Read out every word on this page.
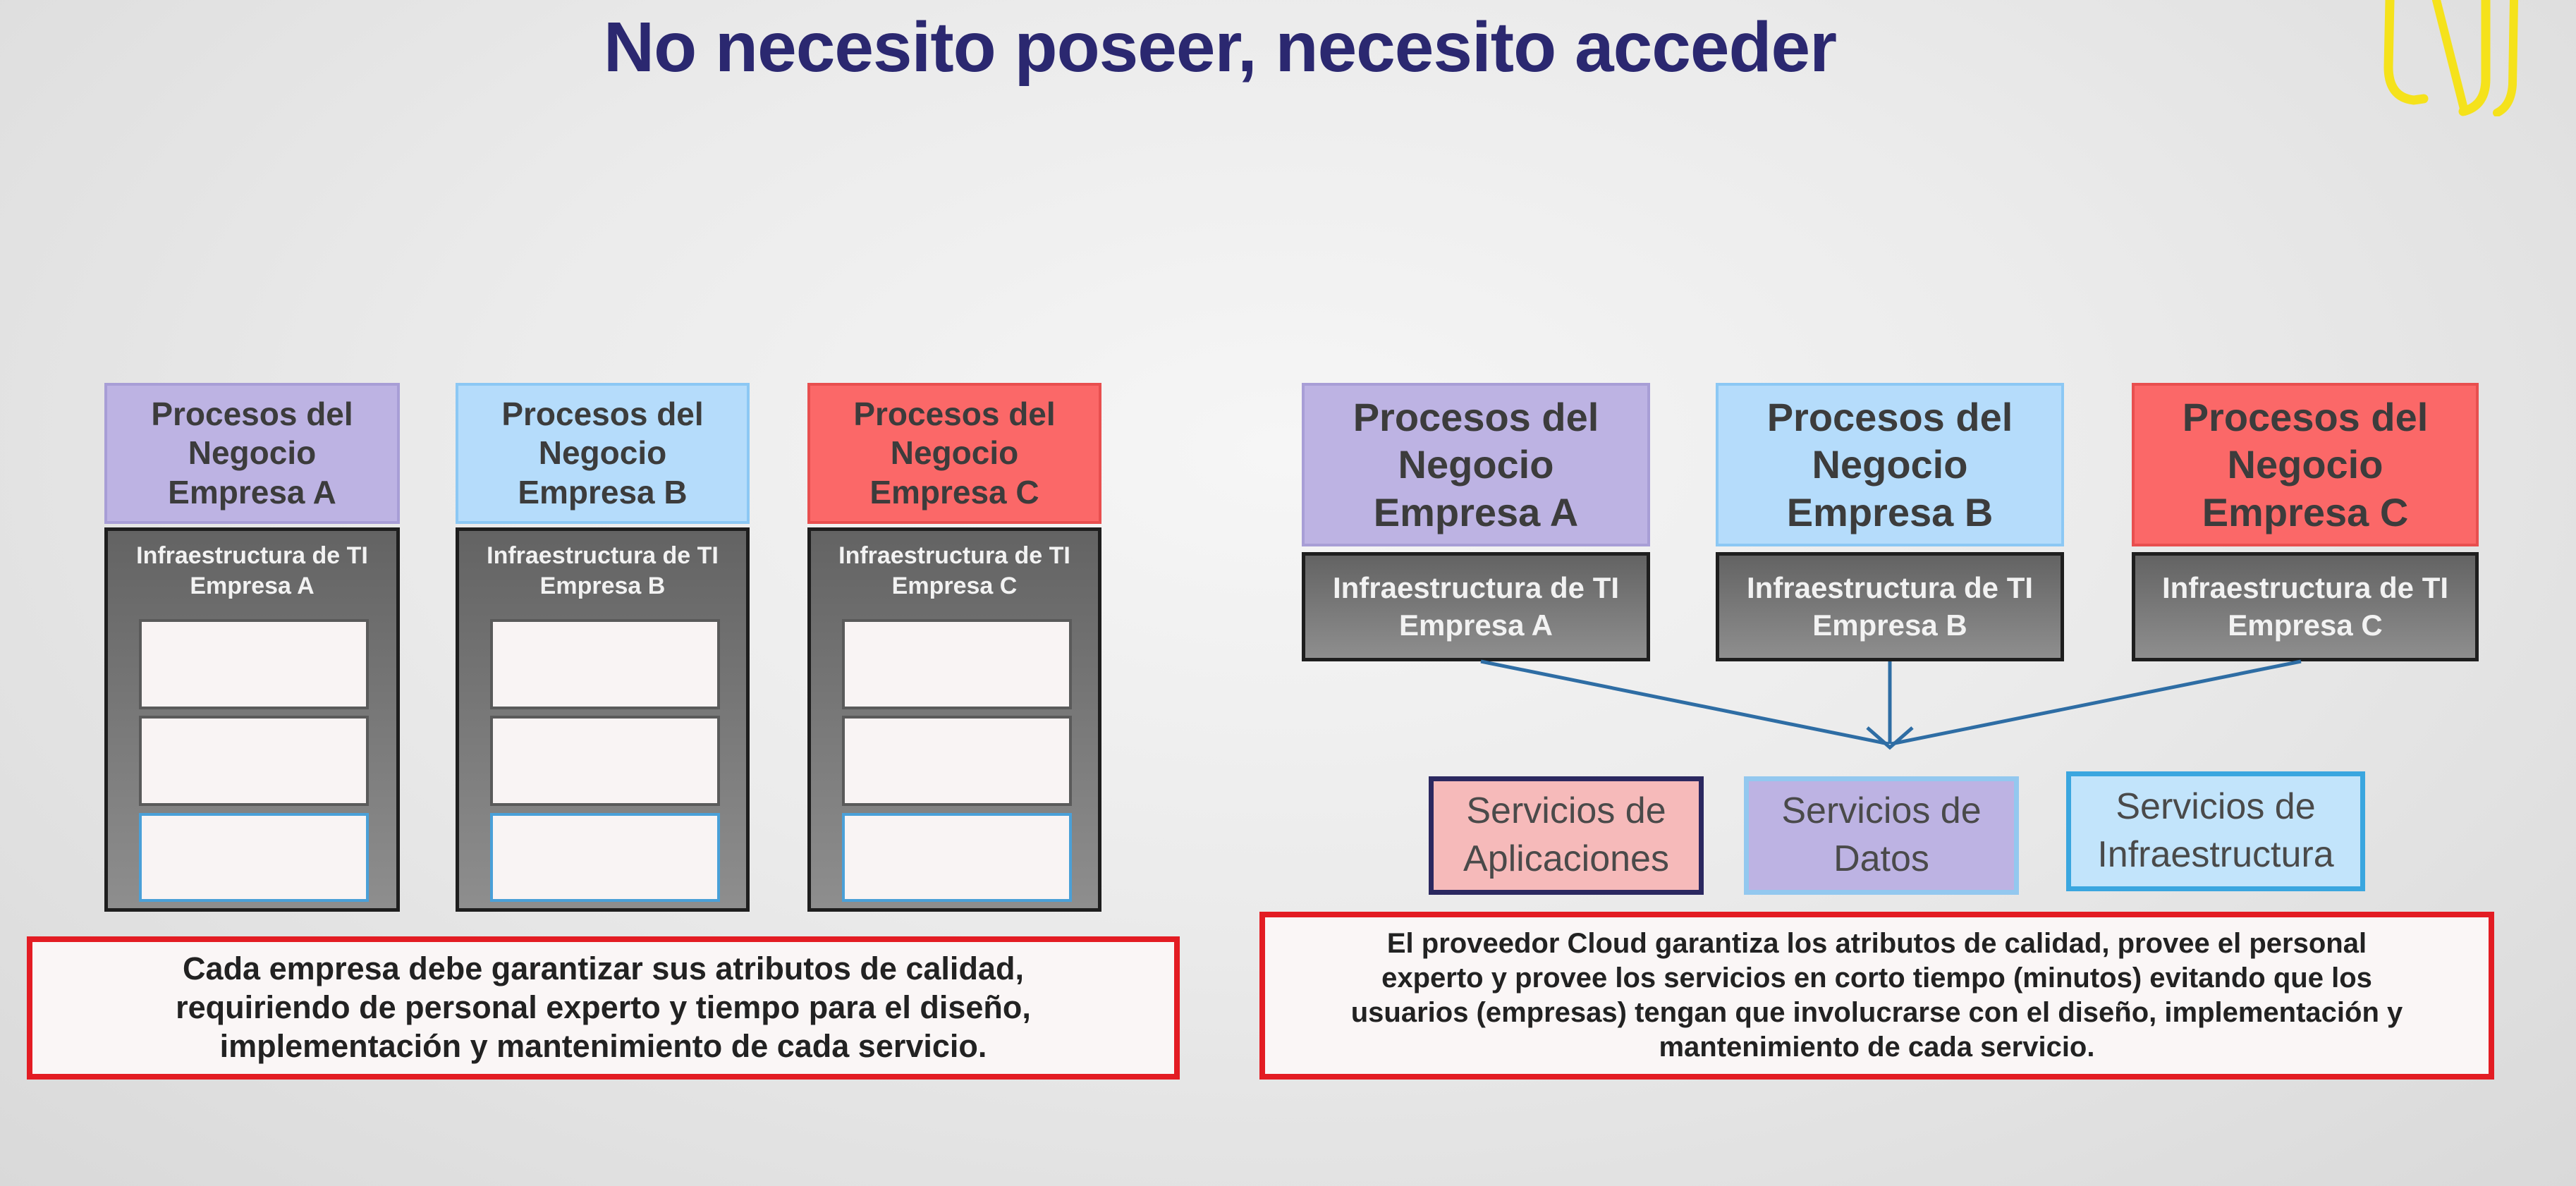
No necesito poseer, necesito acceder
Procesos del
Negocio
Empresa A
Infraestructura de TI
Empresa A
Procesos del
Negocio
Empresa B
Infraestructura de TI
Empresa B
Procesos del
Negocio
Empresa C
Infraestructura de TI
Empresa C
Cada empresa debe garantizar sus atributos de calidad,
requiriendo de personal experto y tiempo para el diseño,
implementación y mantenimiento de cada servicio.
Procesos del
Negocio
Empresa A
Infraestructura de TI
Empresa A
Procesos del
Negocio
Empresa B
Infraestructura de TI
Empresa B
Procesos del
Negocio
Empresa C
Infraestructura de TI
Empresa C
Servicios de
Aplicaciones
Servicios de
Datos
Servicios de
Infraestructura
El proveedor Cloud garantiza los atributos de calidad, provee el personal
experto y provee los servicios en corto tiempo (minutos) evitando que los
usuarios (empresas) tengan que involucrarse con el diseño, implementación y
mantenimiento de cada servicio.
